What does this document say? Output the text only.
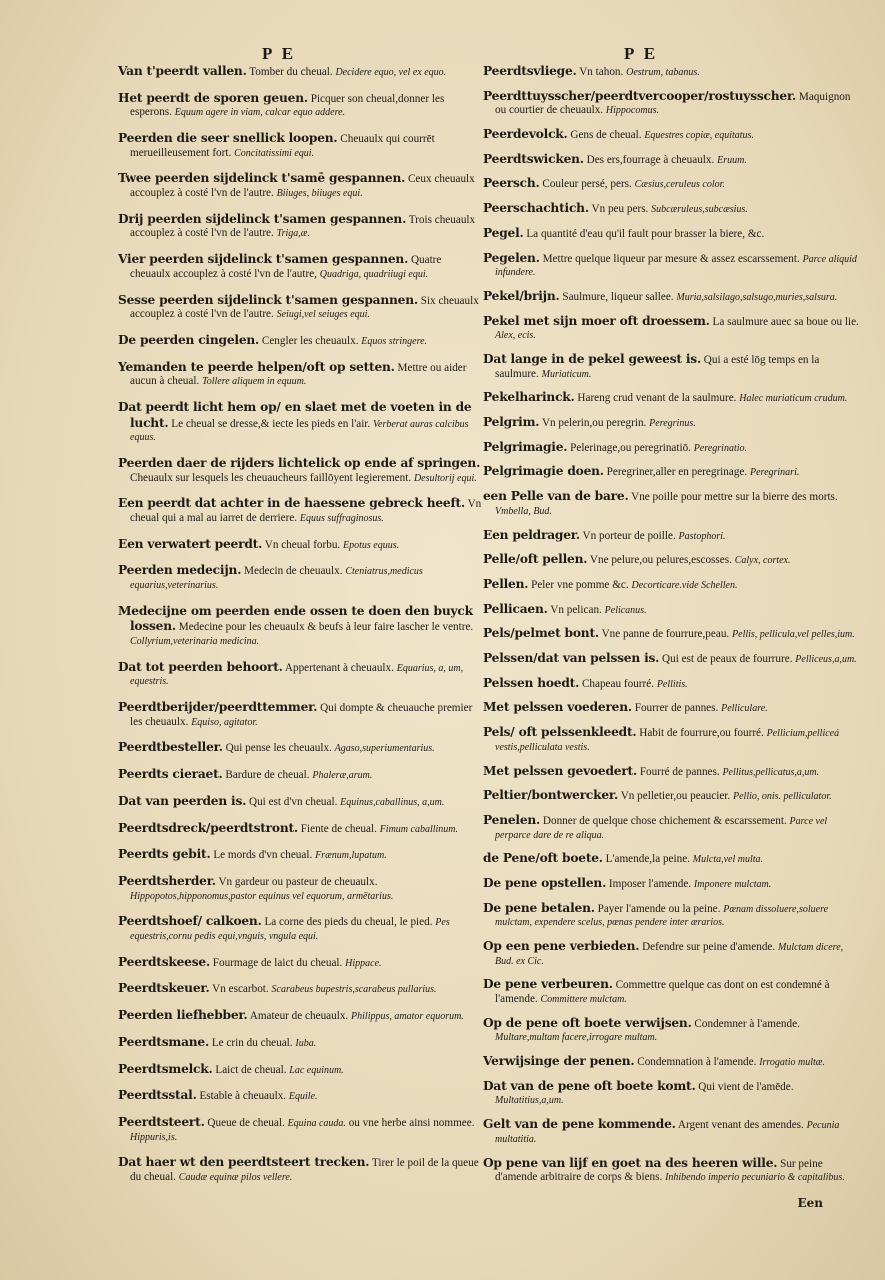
P E	P E

Van t'peerdt vallen. Tomber du cheual. Decidere equo, vel ex equo.

Het peerdt de sporen geuen. Picquer son cheual,donner les esperons. Equum agere in viam, calcar equo addere.

Peerden die seer snellick loopen. Cheuaulx qui courrēt merueilleusement fort. Concitatissimi equi.

Twee peerden sijdelinck t'samē gespannen. Ceux cheuaulx accouplez à costé l'vn de l'autre. Biiuges, biiuges equi.

Drij peerden sijdelinck t'samen gespannen. Trois cheuaulx accouplez à costé l'vn de l'autre. Triga,æ.

Vier peerden sijdelinck t'samen gespannen. Quatre cheuaulx accouplez à costé l'vn de l'autre, Quadriga, quadriiugi equi.

Sesse peerden sijdelinck t'samen gespannen. Six cheuaulx accouplez à costé l'vn de l'autre. Seiugi,vel seiuges equi.

De peerden cingelen. Cengler les cheuaulx. Equos stringere.

Yemanden te peerde helpen/oft op setten. Mettre ou aider aucun à cheual. Tollere aliquem in equum.

Dat peerdt licht hem op/ en slaet met de voeten in de lucht. Le cheual se dresse,& iecte les pieds en l'air. Verberat auras calcibus equus.

Peerden daer de rijders lichtelick op ende af springen. Cheuaulx sur lesquels les cheuaucheurs faillōyent legierement. Desultorij equi.

Een peerdt dat achter in de haessene gebreck heeft. Vn cheual qui a mal au iarret de derriere. Equus suffraginosus.

Een verwatert peerdt. Vn cheual forbu. Epotus equus.

Peerden medecijn. Medecin de cheuaulx. Cteniatrus,medicus equarius,veterinarius.

Medecijne om peerden ende ossen te doen den buyck lossen. Medecine pour les cheuaulx & beufs à leur faire lascher le ventre. Collyrium,veterinaria medicina.

Dat tot peerden behoort. Appertenant à cheuaulx. Equarius, a, um, equestris.

Peerdtberijder/peerdttemmer. Qui dompte & cheuauche premier les cheuaulx. Equiso, agitator.

Peerdtbesteller. Qui pense les cheuaulx. Agaso,superiumentarius.

Peerdts cieraet. Bardure de cheual. Phaleræ,arum.

Dat van peerden is. Qui est d'vn cheual. Equinus,caballinus, a,um.

Peerdtsdreck/peerdtstront. Fiente de cheual. Fimum caballinum.

Peerdts gebit. Le mords d'vn cheual. Frænum,lupatum.

Peerdtsherder. Vn gardeur ou pasteur de cheuaulx. Hippopotos,hipponomus,pastor equinus vel equorum, armētarius.

Peerdtshoef/ calkoen. La corne des pieds du cheual, le pied. Pes equestris,cornu pedis equi,vnguis, vngula equi.

Peerdtskeese. Fourmage de laict du cheual. Hippace.

Peerdtskeuer. Vn escarbot. Scarabeus bupestris,scarabeus pullarius.

Peerden liefhebber. Amateur de cheuaulx. Philippus, amator equorum.

Peerdtsmane. Le crin du cheual. Iuba.

Peerdtsmelck. Laict de cheual. Lac equinum.

Peerdtsstal. Estable à cheuaulx. Equile.

Peerdtsteert. Queue de cheual. Equina cauda. ou vne herbe ainsi nommee. Hippuris,is.

Dat haer wt den peerdtsteert trecken. Tirer le poil de la queue du cheual. Caudæ equinæ pilos vellere.

Peerdtsvliege. Vn tahon. Oestrum, tabanus.

Peerdttuysscher/peerdtvercooper/rostuysscher. Maquignon ou courtier de cheuaulx. Hippocomus.

Peerdevolck. Gens de cheual. Equestres copiæ, equitatus.

Peerdtswicken. Des ers,fourrage à cheuaulx. Eruum.

Peersch. Couleur persé, pers. Cæsius,ceruleus color.

Peerschachtich. Vn peu pers. Subcæruleus,subcæsius.

Pegel. La quantité d'eau qu'il fault pour brasser la biere, &c.

Pegelen. Mettre quelque liqueur par mesure & assez escarssement. Parce aliquid infundere.

Pekel/brijn. Saulmure, liqueur sallee. Muria,salsilago,salsugo,muries,salsura.

Pekel met sijn moer oft droessem. La saulmure auec sa boue ou lie. Alex, ecis.

Dat lange in de pekel geweest is. Qui a esté lōg temps en la saulmure. Muriaticum.

Pekelharinck. Hareng crud venant de la saulmure. Halec muriaticum crudum.

Pelgrim. Vn pelerin,ou peregrin. Peregrinus.

Pelgrimagie. Pelerinage,ou peregrinatiō. Peregrinatio.

Pelgrimagie doen. Peregriner,aller en peregrinage. Peregrinari.

een Pelle van de bare. Vne poille pour mettre sur la bierre des morts. Vmbella, Bud.

Een peldrager. Vn porteur de poille. Pastophori.

Pelle/oft pellen. Vne pelure,ou pelures,escosses. Calyx, cortex.

Pellen. Peler vne pomme &c. Decorticare.vide Schellen.

Pellicaen. Vn pelican. Pelicanus.

Pels/pelmet bont. Vne panne de fourrure,peau. Pellis, pellicula,vel pelles,ium.

Pelssen/dat van pelssen is. Qui est de peaux de fourrure. Pelliceus,a,um.

Pelssen hoedt. Chapeau fourré. Pellitis.

Met pelssen voederen. Fourrer de pannes. Pelliculare.

Pels/ oft pelssenkleedt. Habit de fourrure,ou fourré. Pellicium,pelliceá vestis,pelliculata vestis.

Met pelssen gevoedert. Fourré de pannes. Pellitus,pellicatus,a,um.

Peltier/bontwercker. Vn pelletier,ou peaucier. Pellio, onis. pelliculator.

Penelen. Donner de quelque chose chichement & escarssement. Parce vel perparce dare de re aliqua.

de Pene/oft boete. L'amende,la peine. Mulcta,vel multa.

De pene opstellen. Imposer l'amende. Imponere mulctam.

De pene betalen. Payer l'amende ou la peine. Pœnam dissoluere,soluere mulctam, expendere scelus, pœnas pendere inter ærarios.

Op een pene verbieden. Defendre sur peine d'amende. Mulctam dicere, Bud. ex Cic.

De pene verbeuren. Commettre quelque cas dont on est condemné à l'amende. Committere mulctam.

Op de pene oft boete verwijsen. Condemner à l'amende. Multare,multam facere,irrogare multam.

Verwijsinge der penen. Condemnation à l'amende. Irrogatio multæ.

Dat van de pene oft boete komt. Qui vient de l'amēde. Multatitius,a,um.

Gelt van de pene kommende. Argent venant des amendes. Pecunia multatitia.

Op pene van lijf en goet na des heeren wille. Sur peine d'amende arbitraire de corps & biens. Inhibendo imperio pecuniario & capitalibus.

Een
